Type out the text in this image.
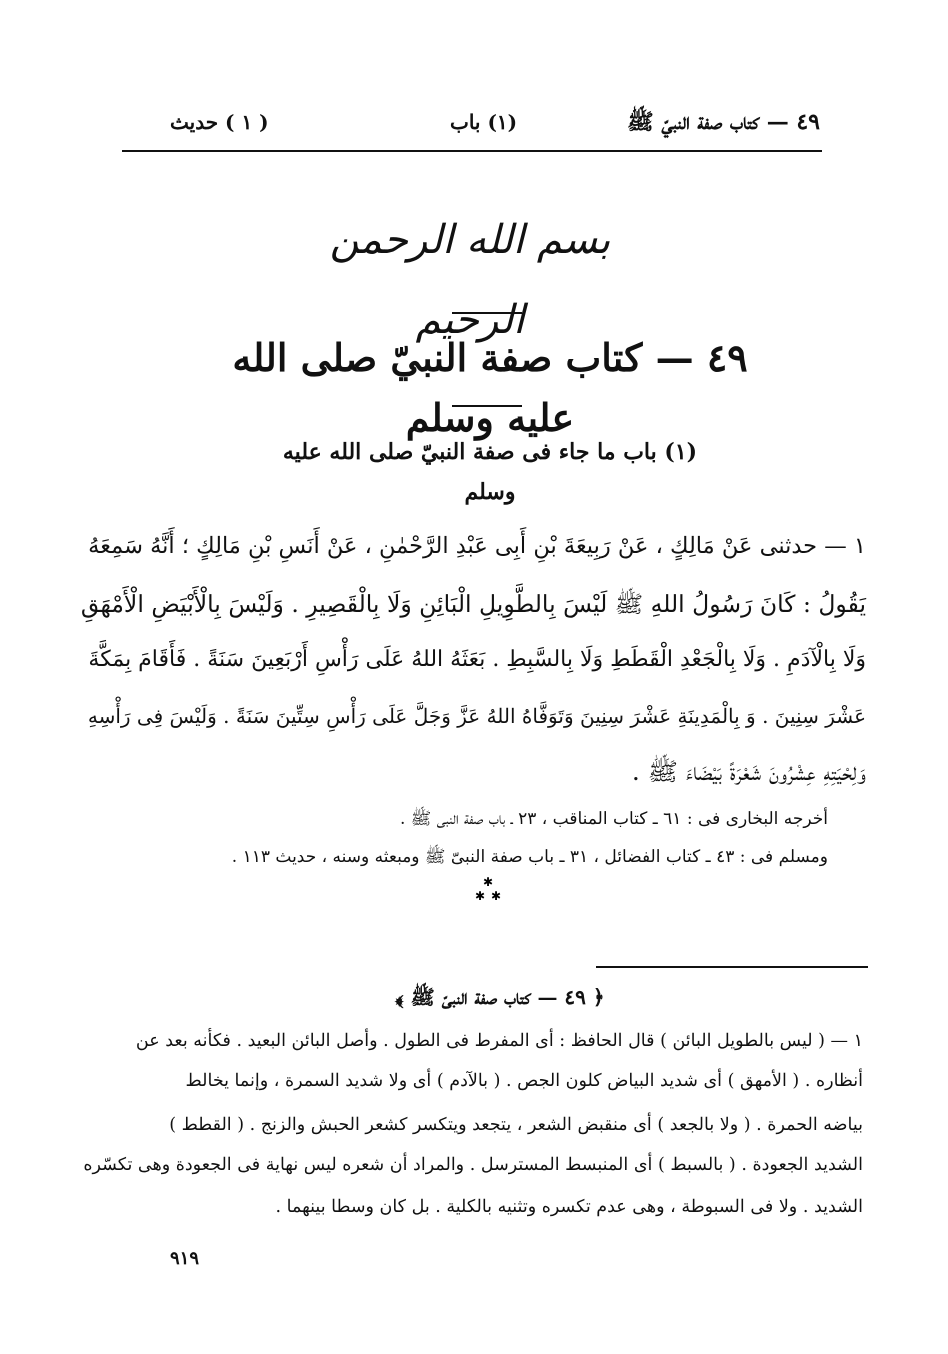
٤٩ — كتاب صفة النبيّ ﷺ
(١) باب
( ١ ) حديث
بسم الله الرحمن الرحيم
٤٩ — كتاب صفة النبيّ صلى الله عليه وسلم
(١) باب ما جاء فى صفة النبيّ صلى الله عليه وسلم
١ — حدثنى عَنْ مَالِكٍ ، عَنْ رَبِيعَةَ بْنِ أَبِى عَبْدِ الرَّحْمٰنِ ، عَنْ أَنَسِ بْنِ مَالِكٍ ؛ أَنَّهُ سَمِعَهُ
يَقُولُ : كَانَ رَسُولُ اللهِ ﷺ لَيْسَ بِالطَّوِيلِ الْبَائِنِ وَلَا بِالْقَصِيرِ . وَلَيْسَ بِالْأَبْيَضِ الْأَمْهَقِ
وَلَا بِالْآدَمِ . وَلَا بِالْجَعْدِ الْقَطَطِ وَلَا بِالسَّبِطِ . بَعَثَهُ اللهُ عَلَى رَأْسِ أَرْبَعِينَ سَنَةً . فَأَقَامَ بِمَكَّةَ
عَشْرَ سِنِينَ . وَ بِالْمَدِينَةِ عَشْرَ سِنِينَ وَتَوَفَّاهُ اللهُ عَزَّ وَجَلَّ عَلَى رَأْسِ سِتِّينَ سَنَةً . وَلَيْسَ فِى رَأْسِهِ
وَلِحْيَتِهِ عِشْرُونَ شَعْرَةً بَيْضَاءَ ﷺ .
أخرجه البخارى فى : ٦١ ـ كتاب المناقب ، ٢٣ ـ باب صفة النبى ﷺ .
ومسلم فى : ٤٣ ـ كتاب الفضائل ، ٣١ ـ باب صفة النبىّ ﷺ ومبعثه وسنه ، حديث ١١٣ .
✱
✱ ✱
﴿ ٤٩ — كتاب صفة النبىّ ﷺ ﴾
١ — ( ليس بالطويل البائن ) قال الحافظ : أى المفرط فى الطول . وأصل البائن البعيد . فكأنه بعد عن
أنظاره . ( الأمهق ) أى شديد البياض كلون الجص . ( بالآدم ) أى ولا شديد السمرة ، وإنما يخالط
بياضه الحمرة . ( ولا بالجعد ) أى منقبض الشعر ، يتجعد ويتكسر كشعر الحبش والزنج . ( القطط )
الشديد الجعودة . ( بالسبط ) أى المنبسط المسترسل . والمراد أن شعره ليس نهاية فى الجعودة وهى تكسّره
الشديد . ولا فى السبوطة ، وهى عدم تكسره وتثنيه بالكلية . بل كان وسطا بينهما .
٩١٩
